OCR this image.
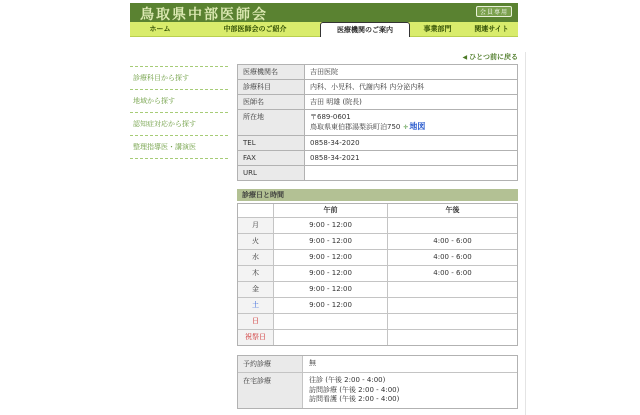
鳥取県中部医師会	会員専用
ホーム	中部医師会のご紹介	医療機関のご案内	事業部門	関連サイト
診療科目から探す
地域から探す
認知症対応から探す
整理指導医・講演医
◀ ひとつ前に戻る
医療機関名	吉田医院
診療科目	内科、小児科、代謝内科 内分泌内科
医師名	吉田 明雄 (院長)
所在地	〒689-0601
鳥取県東伯郡湯梨浜町泊750 ✛地図

TEL	0858-34-2020
FAX	0858-34-2021
URL	
診療日と時間
午前	午後
月	9:00 - 12:00
火	9:00 - 12:00	4:00 - 6:00
水	9:00 - 12:00	4:00 - 6:00
木	9:00 - 12:00	4:00 - 6:00
金	9:00 - 12:00
土	9:00 - 12:00
日
祝祭日
予約診療	無
在宅診療	往診 (午後 2:00 - 4:00)
訪問診療 (午後 2:00 - 4:00)
訪問看護 (午後 2:00 - 4:00)
